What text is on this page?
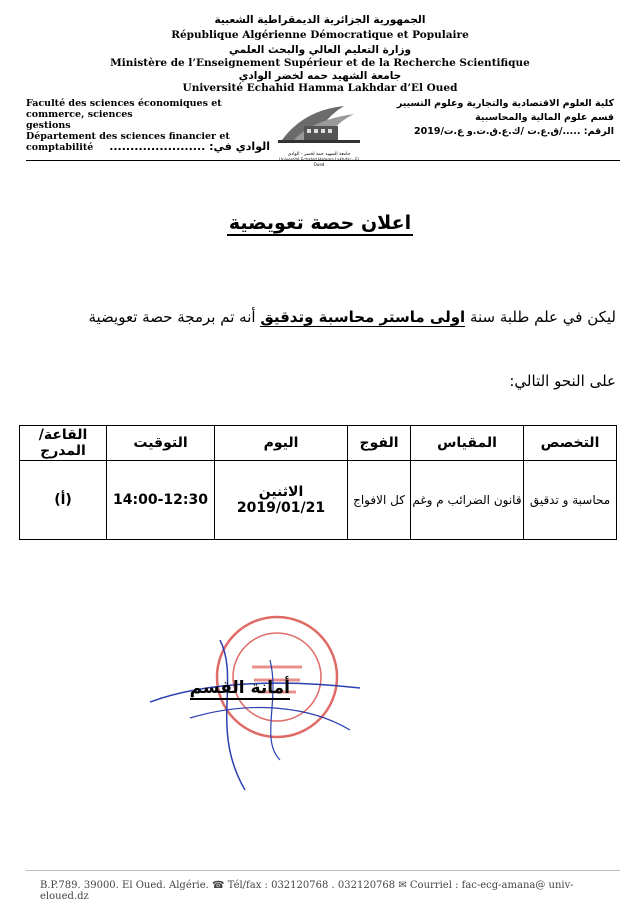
الجمهورية الجزائرية الديمقراطية الشعبية
République Algérienne Démocratique et Populaire
وزارة التعليم العالي والبحث العلمي
Ministère de l’Enseignement Supérieur et de la Recherche Scientifique
جامعة الشهيد حمه لخضر الوادي
Université Echahid Hamma Lakhdar d’El Oued
Faculté des sciences économiques et commerce, sciences
gestions
Département des sciences financier et comptabilité
كلية العلوم الاقتصادية والتجارية وعلوم التسيير
قسم علوم المالية والمحاسبية
الرقم: ...../ق.ع.ت /ك.ع.ق.ت.و ع.ت/2019
جامعة الشهيد حمة لخضر - الوادي
Université Echahid Hamma Lakhdar - El Oued
الوادي في: .......................
اعلان حصة تعويضية
ليكن في علم طلبة سنة اولى ماستر محاسبة وتدقيق أنه تم برمجة حصة تعويضية
على النحو التالي:
التخصص	المقياس	الفوج	اليوم	التوقيت	القاعة/المدرج
محاسبة و تدقيق	قانون الضرائب م وغم	كل الافواج	الاثنين 2019/01/21	14:00-12:30	(أ)
أمانة القسم
B.P.789. 39000. El Oued. Algérie. ☎ Tél/fax : 032120768 . 032120768 ✉ Courriel : fac-ecg-amana@ univ-eloued.dz
